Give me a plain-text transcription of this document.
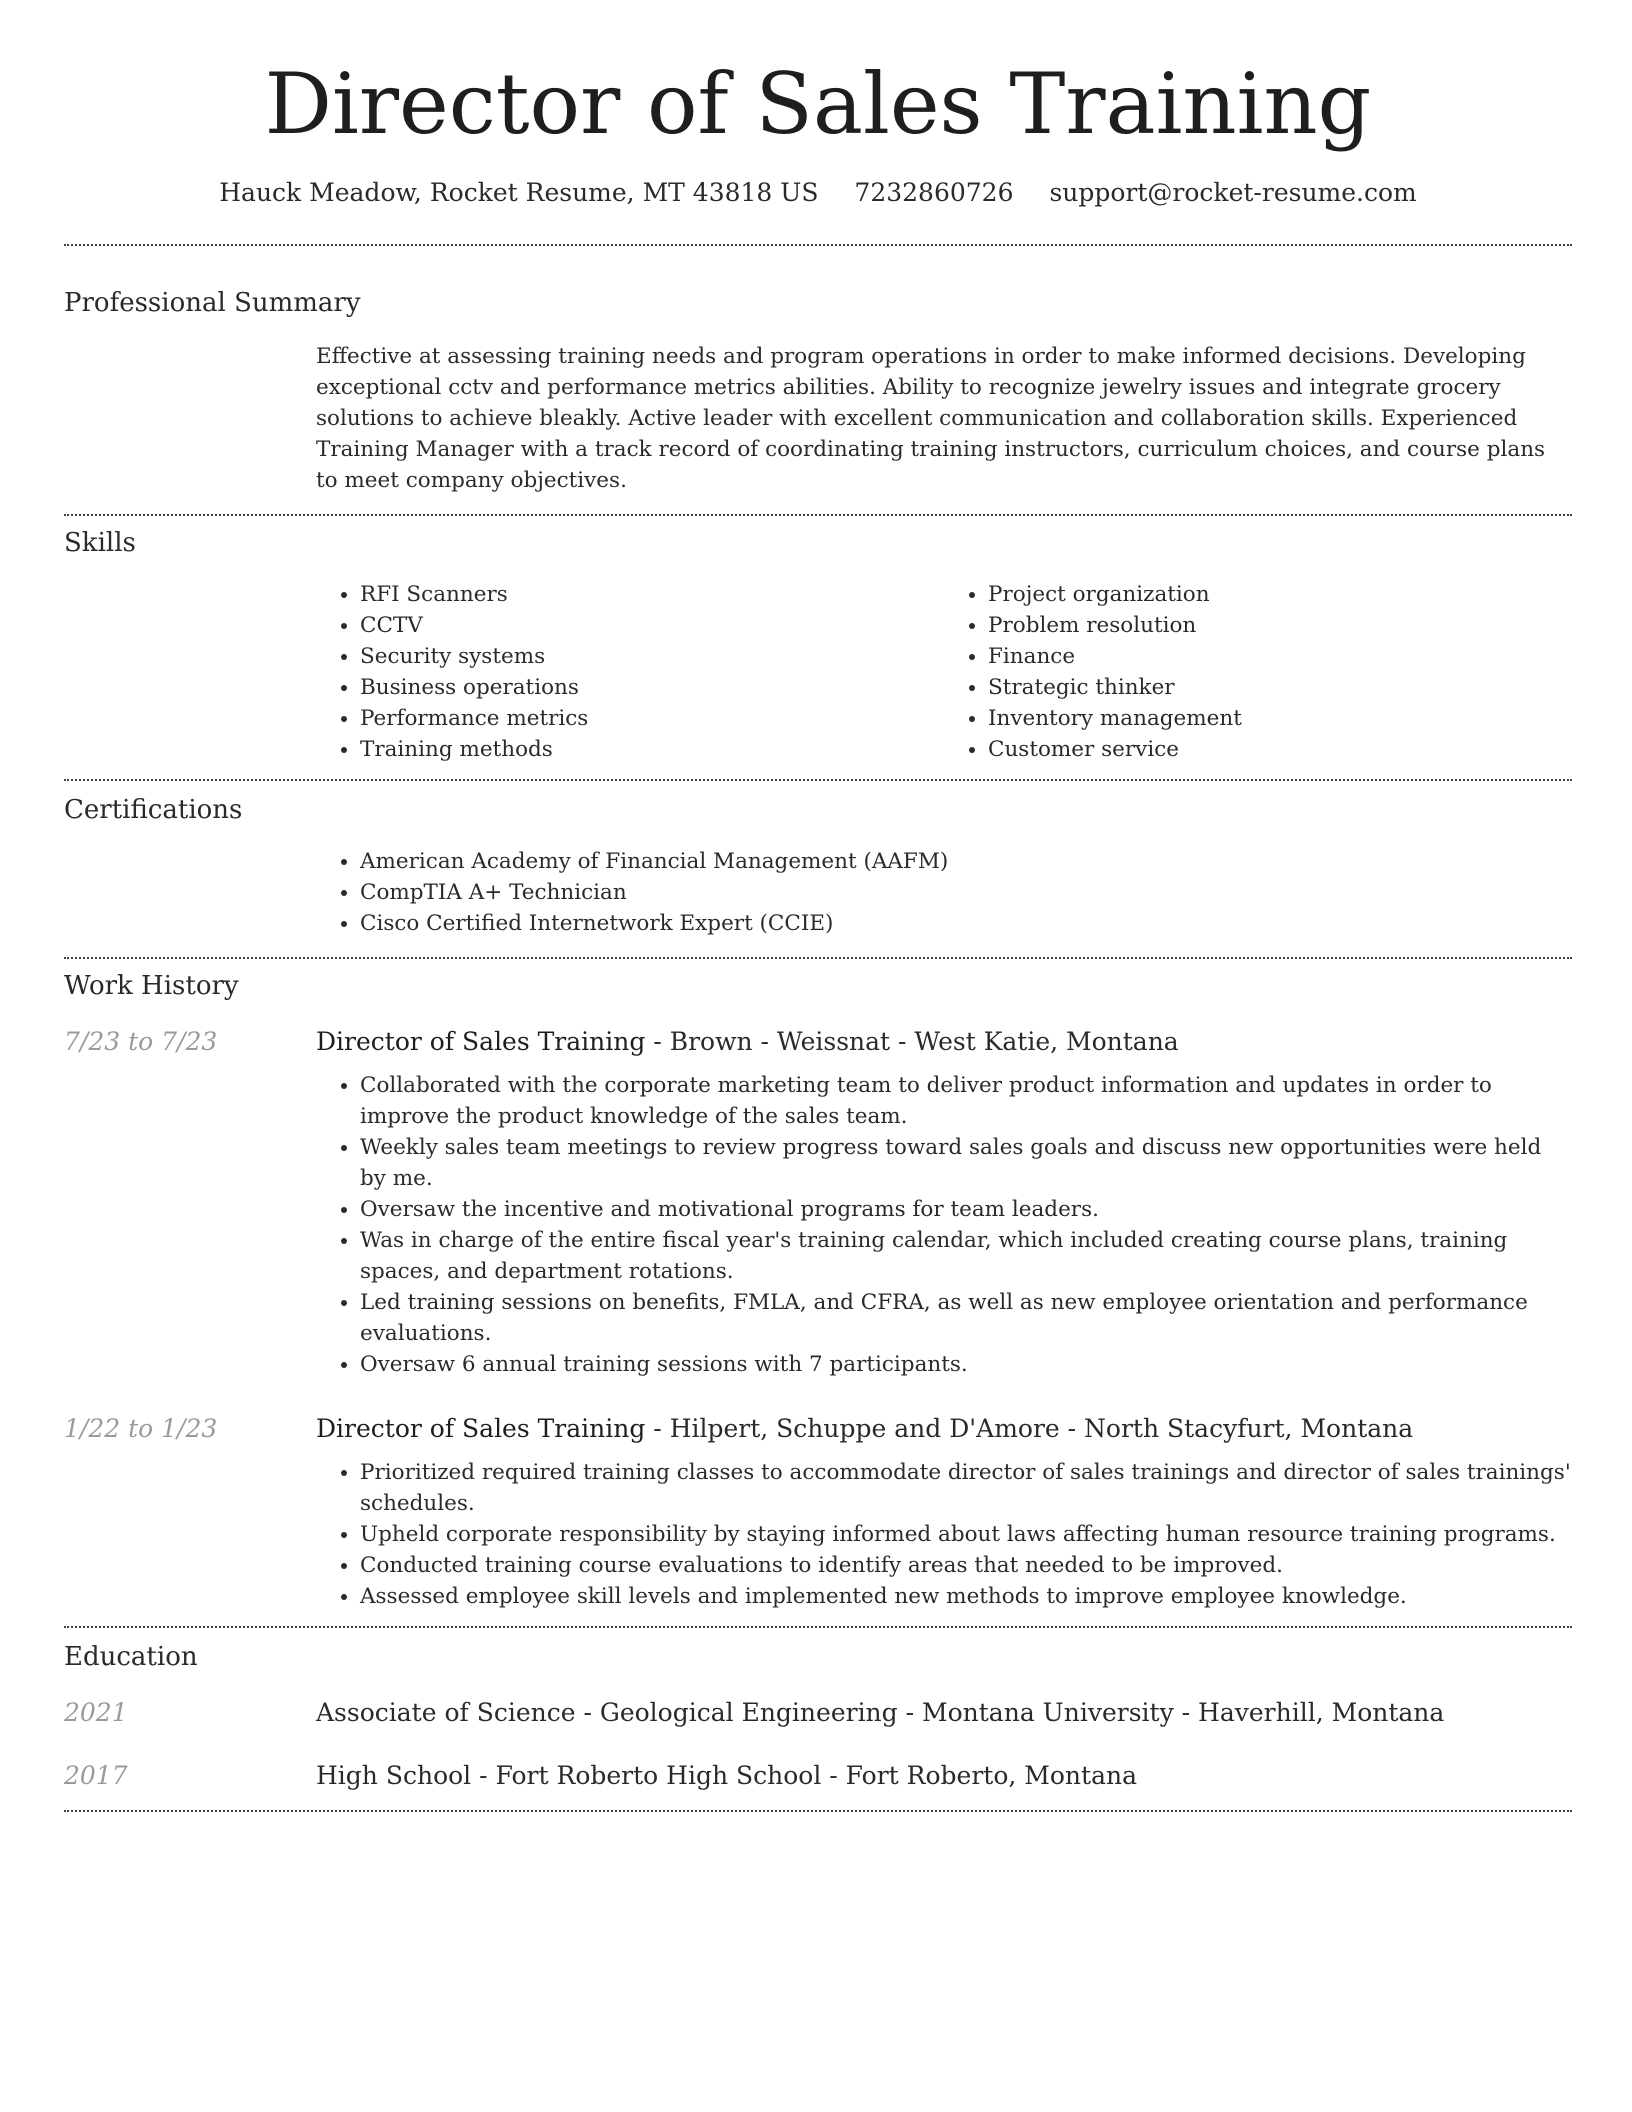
Director of Sales Training
Hauck Meadow, Rocket Resume, MT 43818 US 7232860726 support@rocket-resume.com
Professional Summary

Effective at assessing training needs and program operations in order to make informed decisions. Developing exceptional cctv and performance metrics abilities. Ability to recognize jewelry issues and integrate grocery solutions to achieve bleakly. Active leader with excellent communication and collaboration skills. Experienced Training Manager with a track record of coordinating training instructors, curriculum choices, and course plans to meet company objectives.

Skills
• RFI Scanners
• CCTV
• Security systems
• Business operations
• Performance metrics
• Training methods
• Project organization
• Problem resolution
• Finance
• Strategic thinker
• Inventory management
• Customer service
Certifications
• American Academy of Financial Management (AAFM)
• CompTIA A+ Technician
• Cisco Certified Internetwork Expert (CCIE)
Work History
7/23 to 7/23	Director of Sales Training - Brown - Weissnat - West Katie, Montana
• Collaborated with the corporate marketing team to deliver product information and updates in order to improve the product knowledge of the sales team.
• Weekly sales team meetings to review progress toward sales goals and discuss new opportunities were held by me.
• Oversaw the incentive and motivational programs for team leaders.
• Was in charge of the entire fiscal year's training calendar, which included creating course plans, training spaces, and department rotations.
• Led training sessions on benefits, FMLA, and CFRA, as well as new employee orientation and performance evaluations.
• Oversaw 6 annual training sessions with 7 participants.
1/22 to 1/23	Director of Sales Training - Hilpert, Schuppe and D'Amore - North Stacyfurt, Montana
• Prioritized required training classes to accommodate director of sales trainings and director of sales trainings' schedules.
• Upheld corporate responsibility by staying informed about laws affecting human resource training programs.
• Conducted training course evaluations to identify areas that needed to be improved.
• Assessed employee skill levels and implemented new methods to improve employee knowledge.
Education
2021	Associate of Science - Geological Engineering - Montana University - Haverhill, Montana
2017	High School - Fort Roberto High School - Fort Roberto, Montana
